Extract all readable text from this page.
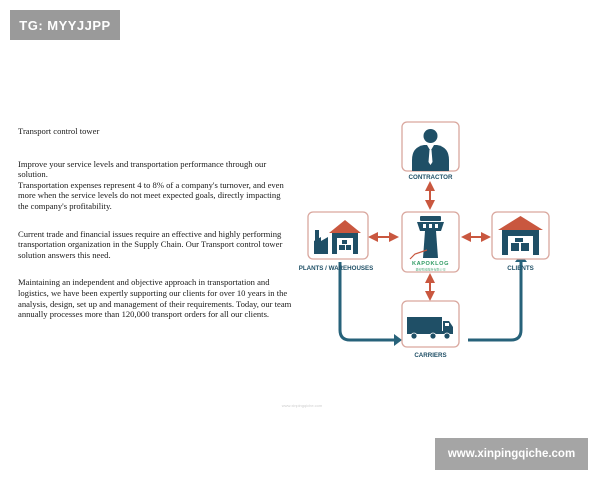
TG: MYYJJPP

Transport control tower

Improve your service levels and transportation performance through our solution.
Transportation expenses represent 4 to 8% of a company's turnover, and even more when the service levels do not meet expected goals, directly impacting the company's profitability.

Current trade and financial issues require an effective and highly performing transportation organization in the Supply Chain. Our Transport control tower solution answers this need.

Maintaining an independent and objective approach in transportation and logistics, we have been expertly supporting our clients for over 10 years in the analysis, design, set up and management of their requirements. Today, our team annually processes more than 120,000 transport orders for all our clients.

CONTRACTOR
PLANTS / WAREHOUSES
KAPOKLOG
嘉峪物流服务有限公司	CLIENTS
CARRIERS
www.xinpingqiche.com
www.xinpingqiche.com
